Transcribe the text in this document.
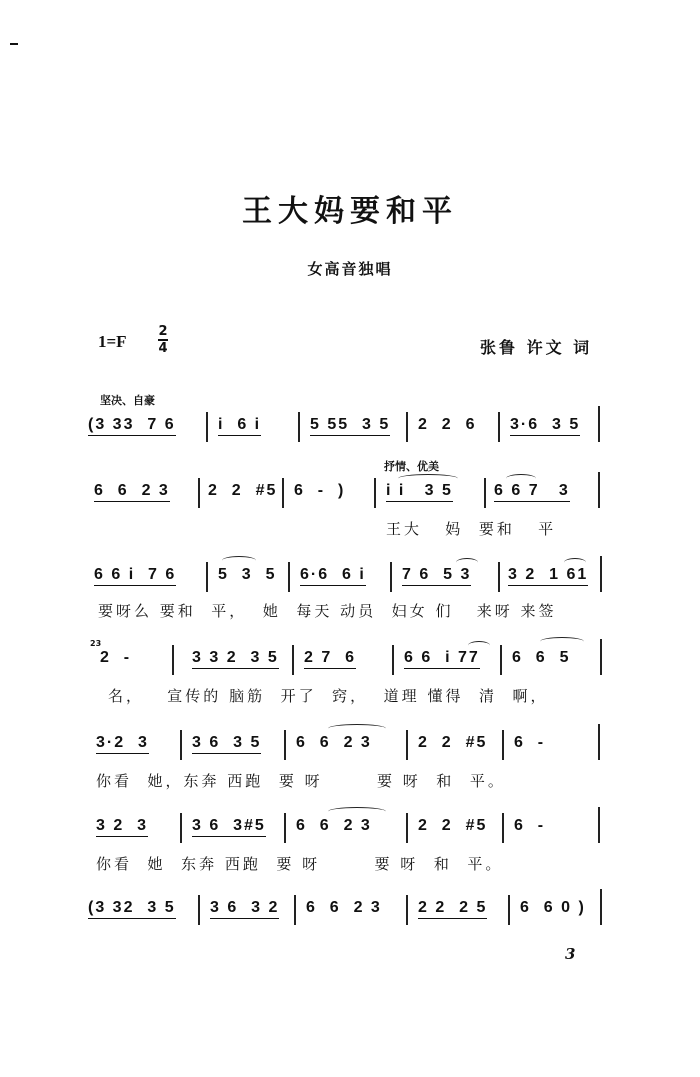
王大妈要和平
女高音独唱
1=F
2
4	张鲁 许文 词
坚决、自豪
(3 33  7 6	i  6 i	5 55  3 5 2  2  6 3·6  3 5
抒情、优美
6  6  2 3 2  2  #5 6  -  )	i i   3 5	6 6 7   3
王大   妈  要和   平
6 6 i  7 6	5  3  5 6·6  6 i 7 6  5 3 3 2  1 61
要呀么 要和  平，  她  每天 动员  妇女 们   来呀 来签
23
2  -	3 3 2  3 5 2 7  6	6 6  i 77 6  6  5
名，   宣传的 脑筋  开了  窍，  道理 懂得  清  啊，
3·2  3	3 6  3 5 6  6  2 3	2  2  #5 6  -
你看  她，东奔 西跑  要 呀       要 呀  和  平。
3 2  3	3 6  3#5 6  6  2 3	2  2  #5 6  -
你看  她  东奔 西跑  要 呀       要 呀  和  平。
(3 32  3 5 3 6  3 2 6  6  2 3 2 2  2 5 6  6 0 )
3
